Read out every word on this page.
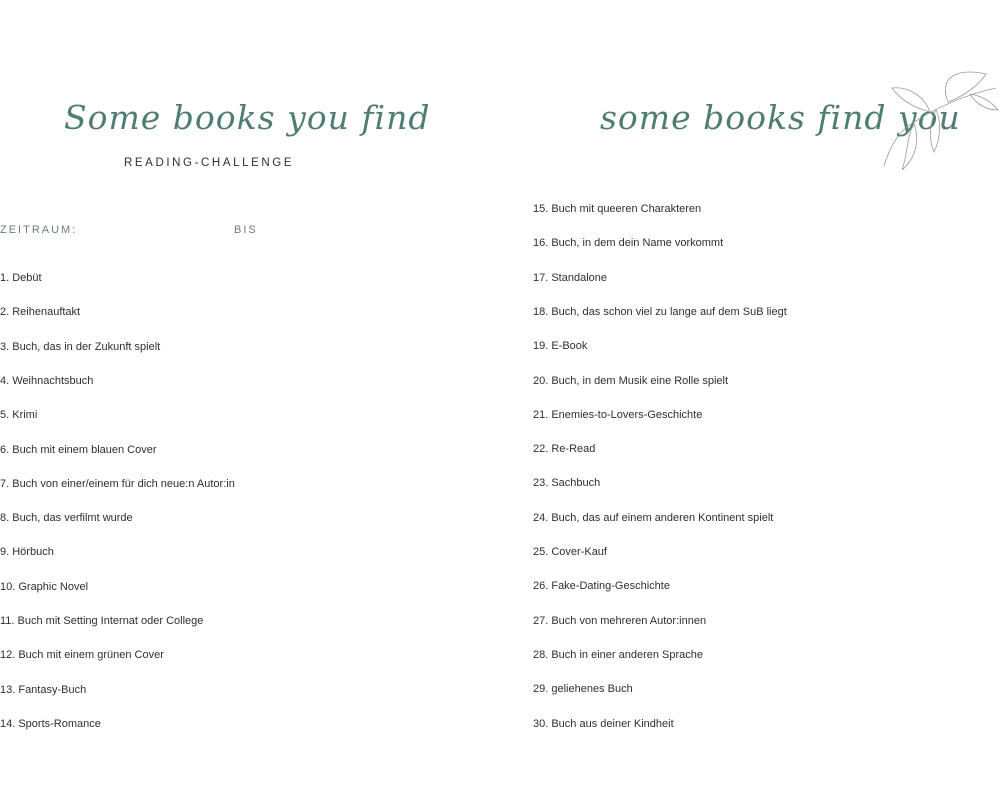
Some books you find	some books find you
READING-CHALLENGE
ZEITRAUM:	BIS
1. Debüt
2. Reihenauftakt
3. Buch, das in der Zukunft spielt
4. Weihnachtsbuch
5. Krimi
6. Buch mit einem blauen Cover
7. Buch von einer/einem für dich neue:n Autor:in
8. Buch, das verfilmt wurde
9. Hörbuch
10. Graphic Novel
11. Buch mit Setting Internat oder College
12. Buch mit einem grünen Cover
13. Fantasy-Buch
14. Sports-Romance
15. Buch mit queeren Charakteren
16. Buch, in dem dein Name vorkommt
17. Standalone
18. Buch, das schon viel zu lange auf dem SuB liegt
19. E-Book
20. Buch, in dem Musik eine Rolle spielt
21. Enemies-to-Lovers-Geschichte
22. Re-Read
23. Sachbuch
24. Buch, das auf einem anderen Kontinent spielt
25. Cover-Kauf
26. Fake-Dating-Geschichte
27. Buch von mehreren Autor:innen
28. Buch in einer anderen Sprache
29. geliehenes Buch
30. Buch aus deiner Kindheit
